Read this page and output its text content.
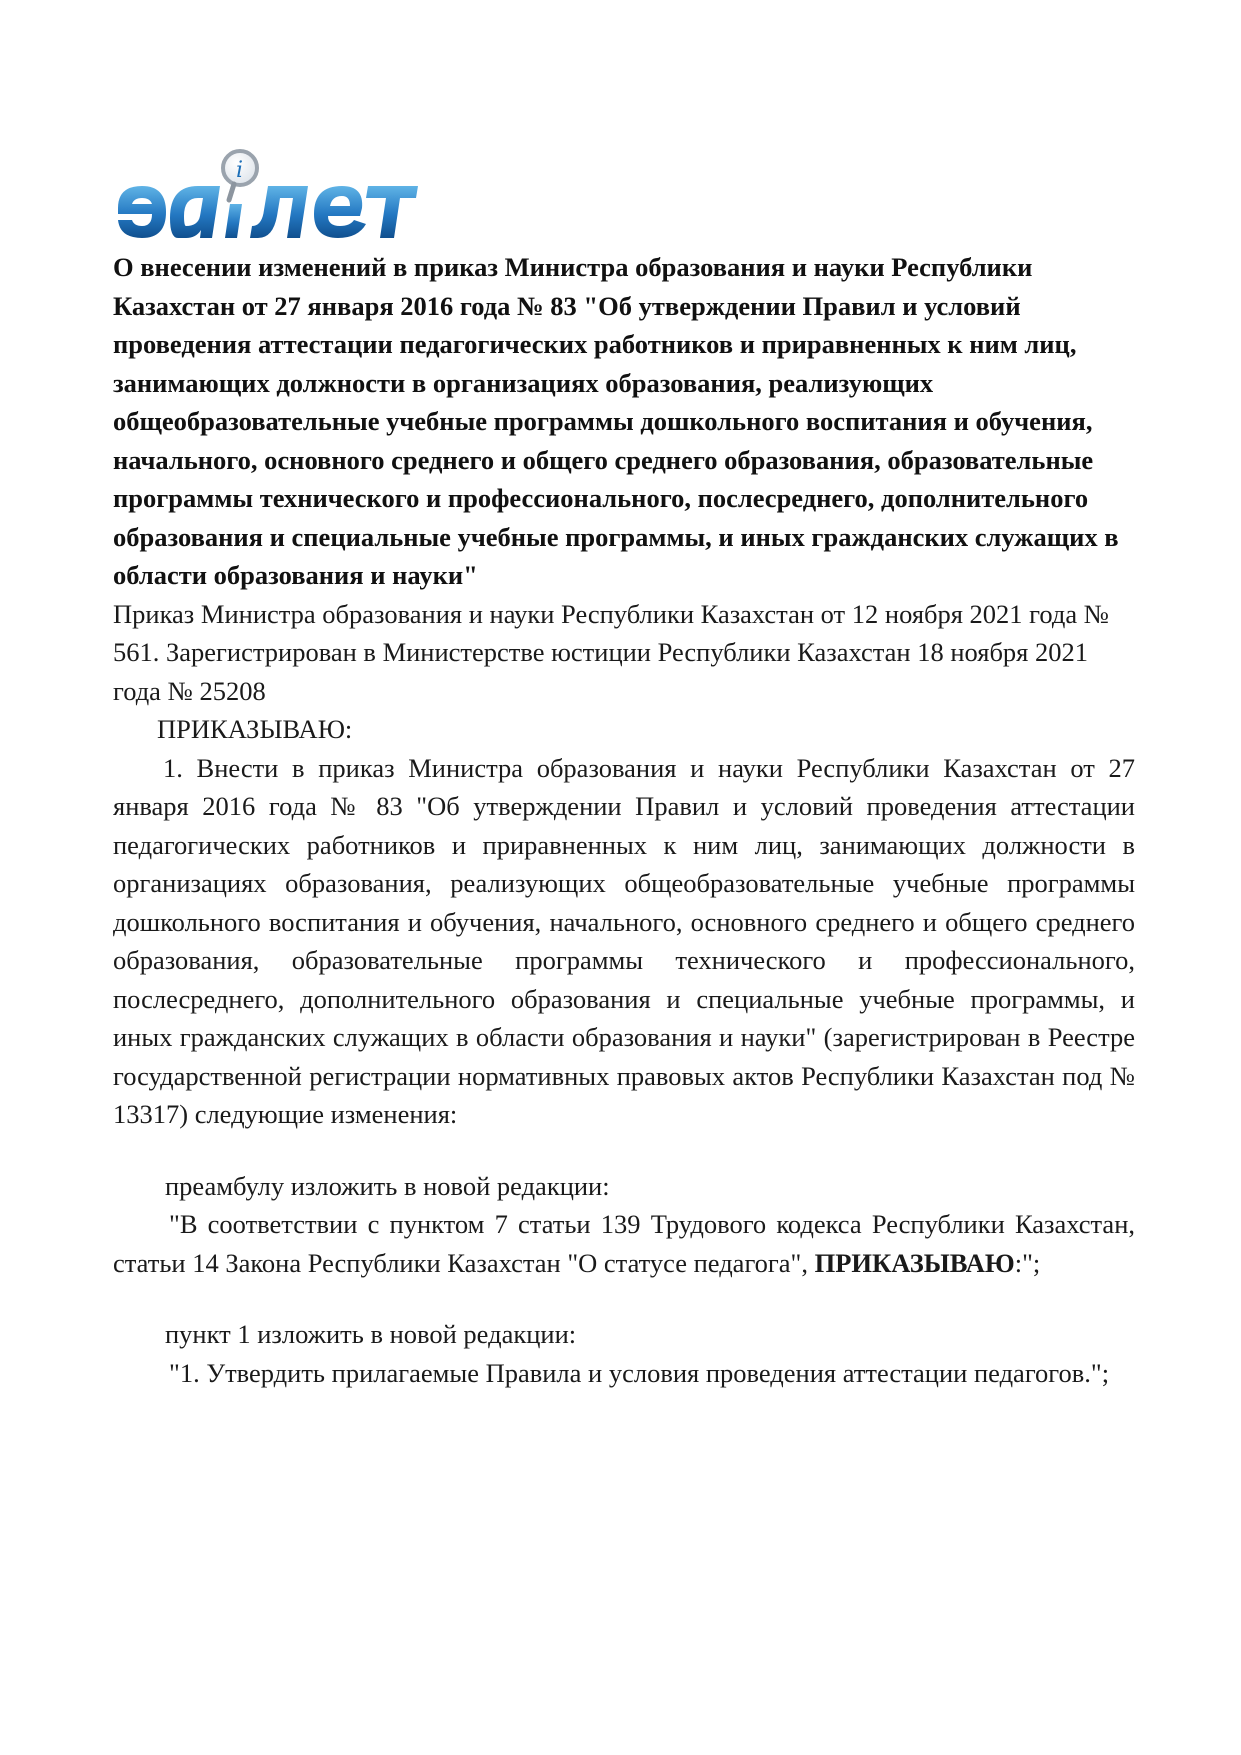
i
О внесении изменений в приказ Министра образования и науки Республики Казахстан от 27 января 2016 года № 83 "Об утверждении Правил и условий проведения аттестации педагогических работников и приравненных к ним лиц, занимающих должности в организациях образования, реализующих общеобразовательные учебные программы дошкольного воспитания и обучения, начального, основного среднего и общего среднего образования, образовательные программы технического и профессионального, послесреднего, дополнительного образования и специальные учебные программы, и иных гражданских служащих в области образования и науки"

Приказ Министра образования и науки Республики Казахстан от 12 ноября 2021 года № 561. Зарегистрирован в Министерстве юстиции Республики Казахстан 18 ноября 2021 года № 25208

ПРИКАЗЫВАЮ:

1. Внести в приказ Министра образования и науки Республики Казахстан от 27 января 2016 года № 83 "Об утверждении Правил и условий проведения аттестации педагогических работников и приравненных к ним лиц, занимающих должности в организациях образования, реализующих общеобразовательные учебные программы дошкольного воспитания и обучения, начального, основного среднего и общего среднего образования, образовательные программы технического и профессионального, послесреднего, дополнительного образования и специальные учебные программы, и иных гражданских служащих в области образования и науки" (зарегистрирован в Реестре государственной регистрации нормативных правовых актов Республики Казахстан под № 13317) следующие изменения:

преамбулу изложить в новой редакции:

"В соответствии с пунктом 7 статьи 139 Трудового кодекса Республики Казахстан, статьи 14 Закона Республики Казахстан "О статусе педагога", ПРИКАЗЫВАЮ:";

пункт 1 изложить в новой редакции:

"1. Утвердить прилагаемые Правила и условия проведения аттестации педагогов.";
